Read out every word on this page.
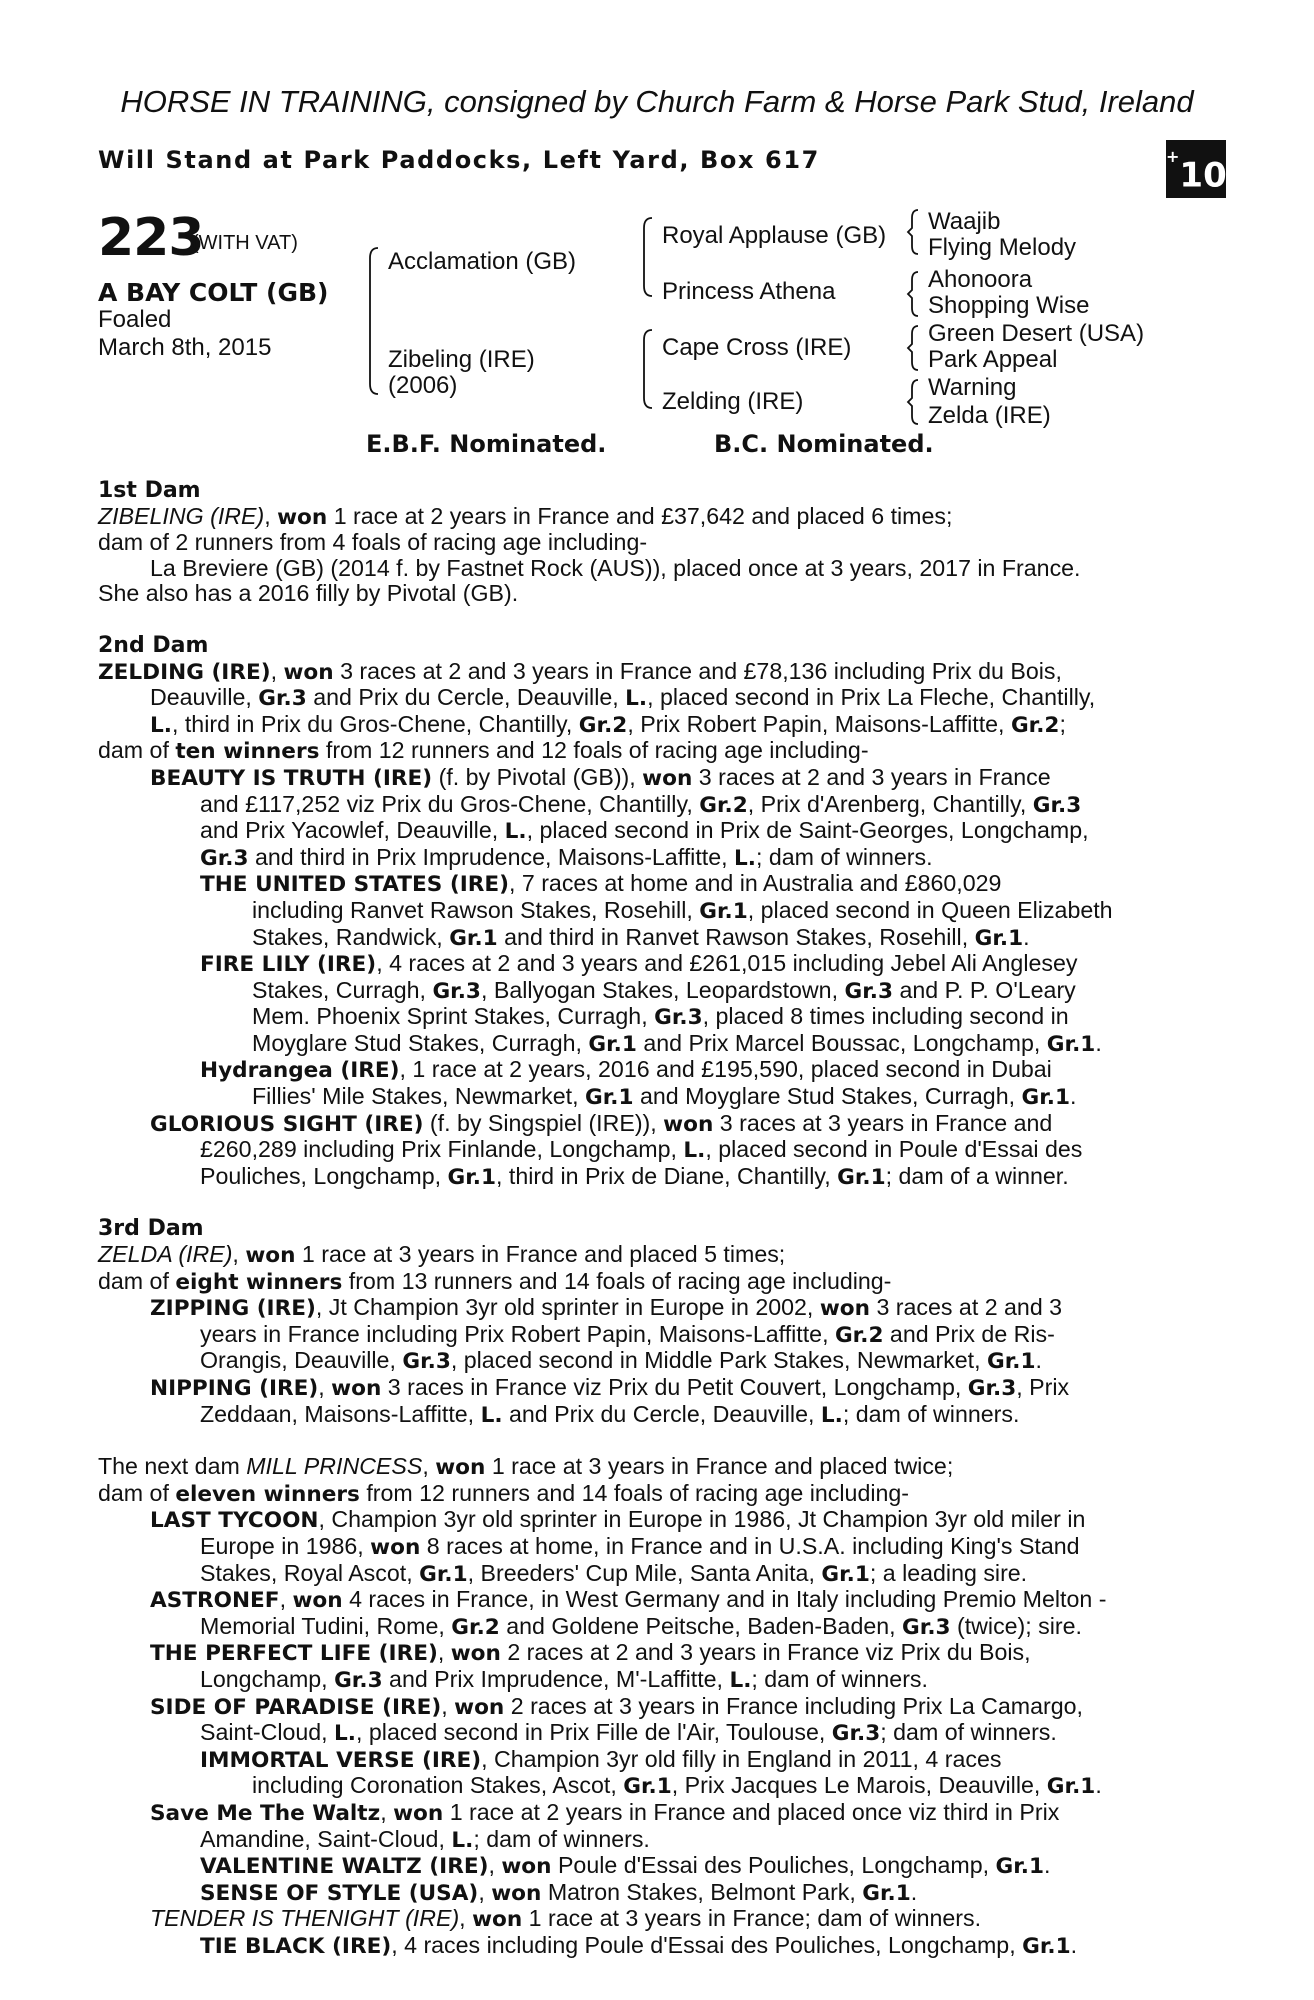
HORSE IN TRAINING, consigned by Church Farm & Horse Park Stud, Ireland
Will Stand at Park Paddocks, Left Yard, Box 617	+10
223
(WITH VAT)
A BAY COLT (GB)
Foaled
March 8th, 2015
Acclamation (GB)
Zibeling (IRE)
(2006)
Royal Applause (GB)
Princess Athena
Cape Cross (IRE)
Zelding (IRE)
Waajib
Flying Melody
Ahonoora
Shopping Wise
Green Desert (USA)
Park Appeal
Warning
Zelda (IRE)
E.B.F. Nominated.	B.C. Nominated.
1st Dam
ZIBELING (IRE), won 1 race at 2 years in France and £37,642 and placed 6 times;
dam of 2 runners from 4 foals of racing age including-
La Breviere (GB) (2014 f. by Fastnet Rock (AUS)), placed once at 3 years, 2017 in France.
She also has a 2016 filly by Pivotal (GB).
2nd Dam
ZELDING (IRE), won 3 races at 2 and 3 years in France and £78,136 including Prix du Bois,
Deauville, Gr.3 and Prix du Cercle, Deauville, L., placed second in Prix La Fleche, Chantilly,
L., third in Prix du Gros-Chene, Chantilly, Gr.2, Prix Robert Papin, Maisons-Laffitte, Gr.2;
dam of ten winners from 12 runners and 12 foals of racing age including-
BEAUTY IS TRUTH (IRE) (f. by Pivotal (GB)), won 3 races at 2 and 3 years in France
and £117,252 viz Prix du Gros-Chene, Chantilly, Gr.2, Prix d'Arenberg, Chantilly, Gr.3
and Prix Yacowlef, Deauville, L., placed second in Prix de Saint-Georges, Longchamp,
Gr.3 and third in Prix Imprudence, Maisons-Laffitte, L.; dam of winners.
THE UNITED STATES (IRE), 7 races at home and in Australia and £860,029
including Ranvet Rawson Stakes, Rosehill, Gr.1, placed second in Queen Elizabeth
Stakes, Randwick, Gr.1 and third in Ranvet Rawson Stakes, Rosehill, Gr.1.
FIRE LILY (IRE), 4 races at 2 and 3 years and £261,015 including Jebel Ali Anglesey
Stakes, Curragh, Gr.3, Ballyogan Stakes, Leopardstown, Gr.3 and P. P. O'Leary
Mem. Phoenix Sprint Stakes, Curragh, Gr.3, placed 8 times including second in
Moyglare Stud Stakes, Curragh, Gr.1 and Prix Marcel Boussac, Longchamp, Gr.1.
Hydrangea (IRE), 1 race at 2 years, 2016 and £195,590, placed second in Dubai
Fillies' Mile Stakes, Newmarket, Gr.1 and Moyglare Stud Stakes, Curragh, Gr.1.
GLORIOUS SIGHT (IRE) (f. by Singspiel (IRE)), won 3 races at 3 years in France and
£260,289 including Prix Finlande, Longchamp, L., placed second in Poule d'Essai des
Pouliches, Longchamp, Gr.1, third in Prix de Diane, Chantilly, Gr.1; dam of a winner.
3rd Dam
ZELDA (IRE), won 1 race at 3 years in France and placed 5 times;
dam of eight winners from 13 runners and 14 foals of racing age including-
ZIPPING (IRE), Jt Champion 3yr old sprinter in Europe in 2002, won 3 races at 2 and 3
years in France including Prix Robert Papin, Maisons-Laffitte, Gr.2 and Prix de Ris-
Orangis, Deauville, Gr.3, placed second in Middle Park Stakes, Newmarket, Gr.1.
NIPPING (IRE), won 3 races in France viz Prix du Petit Couvert, Longchamp, Gr.3, Prix
Zeddaan, Maisons-Laffitte, L. and Prix du Cercle, Deauville, L.; dam of winners.
The next dam MILL PRINCESS, won 1 race at 3 years in France and placed twice;
dam of eleven winners from 12 runners and 14 foals of racing age including-
LAST TYCOON, Champion 3yr old sprinter in Europe in 1986, Jt Champion 3yr old miler in
Europe in 1986, won 8 races at home, in France and in U.S.A. including King's Stand
Stakes, Royal Ascot, Gr.1, Breeders' Cup Mile, Santa Anita, Gr.1; a leading sire.
ASTRONEF, won 4 races in France, in West Germany and in Italy including Premio Melton -
Memorial Tudini, Rome, Gr.2 and Goldene Peitsche, Baden-Baden, Gr.3 (twice); sire.
THE PERFECT LIFE (IRE), won 2 races at 2 and 3 years in France viz Prix du Bois,
Longchamp, Gr.3 and Prix Imprudence, M'-Laffitte, L.; dam of winners.
SIDE OF PARADISE (IRE), won 2 races at 3 years in France including Prix La Camargo,
Saint-Cloud, L., placed second in Prix Fille de l'Air, Toulouse, Gr.3; dam of winners.
IMMORTAL VERSE (IRE), Champion 3yr old filly in England in 2011, 4 races
including Coronation Stakes, Ascot, Gr.1, Prix Jacques Le Marois, Deauville, Gr.1.
Save Me The Waltz, won 1 race at 2 years in France and placed once viz third in Prix
Amandine, Saint-Cloud, L.; dam of winners.
VALENTINE WALTZ (IRE), won Poule d'Essai des Pouliches, Longchamp, Gr.1.
SENSE OF STYLE (USA), won Matron Stakes, Belmont Park, Gr.1.
TENDER IS THENIGHT (IRE), won 1 race at 3 years in France; dam of winners.
TIE BLACK (IRE), 4 races including Poule d'Essai des Pouliches, Longchamp, Gr.1.
